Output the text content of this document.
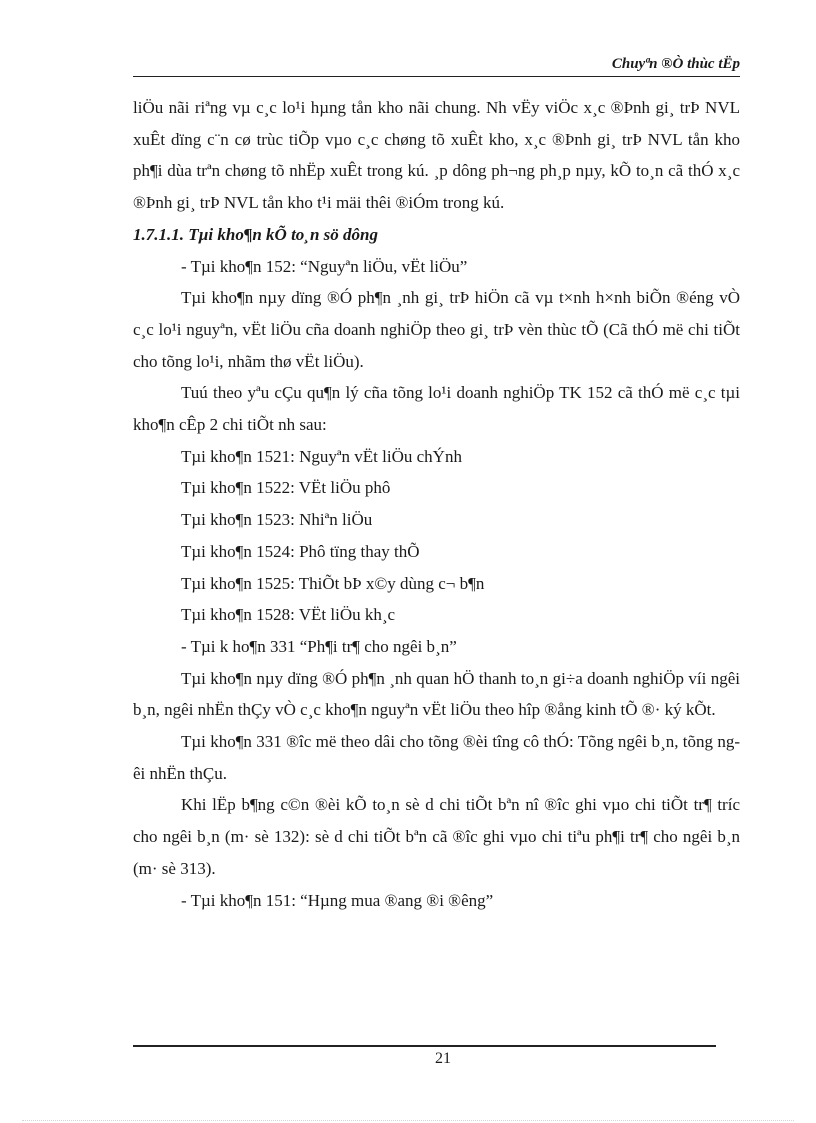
Chuyªn ®Ò thùc tËp

liÖu nãi riªng vµ c¸c lo¹i hµng tån kho nãi chung. Nh vËy viÖc x¸c ®Þnh gi¸ trÞ NVL xuÊt dïng c¨n cø trùc tiÕp vµo c¸c chøng tõ xuÊt kho, x¸c ®Þnh gi¸ trÞ NVL tån kho ph¶i dùa trªn chøng tõ nhËp xuÊt trong kú. ¸p dông ph¬ng ph¸p nµy, kÕ to¸n cã thÓ x¸c ®Þnh gi¸ trÞ NVL tån kho t¹i mäi thêi ®iÓm trong kú.

1.7.1.1. Tµi kho¶n kÕ to¸n sö dông

- Tµi kho¶n 152: “Nguyªn liÖu, vËt liÖu”

Tµi kho¶n nµy dïng ®Ó ph¶n ¸nh gi¸ trÞ hiÖn cã vµ t×nh h×nh biÕn ®éng vÒ c¸c lo¹i nguyªn, vËt liÖu cña doanh nghiÖp theo gi¸ trÞ vèn thùc tÕ (Cã thÓ më chi tiÕt cho tõng lo¹i, nhãm thø vËt liÖu).

Tuú theo yªu cÇu qu¶n lý cña tõng lo¹i doanh nghiÖp TK 152 cã thÓ më c¸c tµi kho¶n cÊp 2 chi tiÕt nh sau:

Tµi kho¶n 1521: Nguyªn vËt liÖu chÝnh

Tµi kho¶n 1522: VËt liÖu phô

Tµi kho¶n 1523: Nhiªn liÖu

Tµi kho¶n 1524: Phô tïng thay thÕ

Tµi kho¶n 1525: ThiÕt bÞ x©y dùng c¬ b¶n

Tµi kho¶n 1528: VËt liÖu kh¸c

- Tµi k ho¶n 331 “Ph¶i tr¶ cho ngêi b¸n”

Tµi kho¶n nµy dïng ®Ó ph¶n ¸nh quan hÖ thanh to¸n gi÷a doanh nghiÖp víi ngêi b¸n, ngêi nhËn thÇy vÒ c¸c kho¶n nguyªn vËt liÖu theo hîp ®ång kinh tÕ ®· ký kÕt.

Tµi kho¶n 331 ®îc më theo dâi cho tõng ®èi tîng cô thÓ: Tõng ngêi b¸n, tõng ngêi nhËn thÇu.

Khi lËp b¶ng c©n ®èi kÕ to¸n sè d chi tiÕt bªn nî ®îc ghi vµo chi tiÕt tr¶ tríc cho ngêi b¸n (m· sè 132): sè d chi tiÕt bªn cã ®îc ghi vµo chi tiªu ph¶i tr¶ cho ngêi b¸n (m· sè 313).

- Tµi kho¶n 151: “Hµng mua ®ang ®i ®êng”

21
